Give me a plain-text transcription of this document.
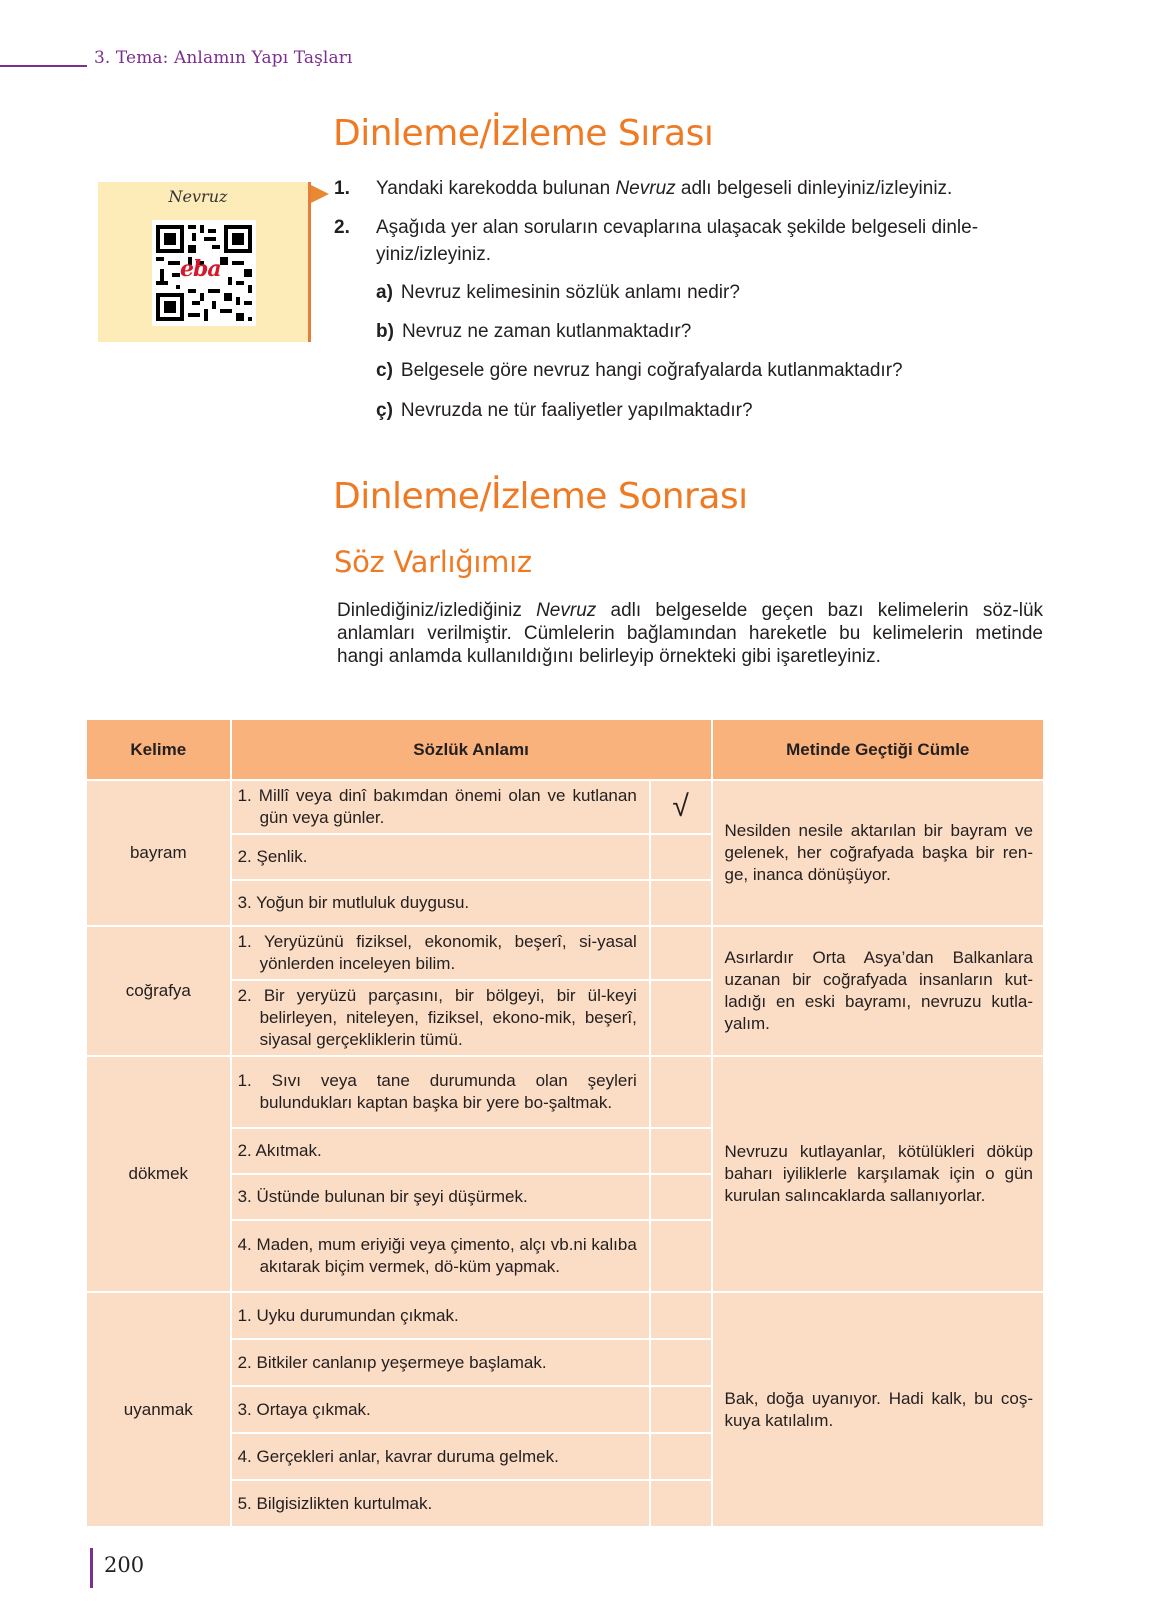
3. Tema: Anlamın Yapı Taşları
Nevruz
eba
Dinleme/İzleme Sırası
1. Yandaki karekodda bulunan Nevruz adlı belgeseli dinleyiniz/izleyiniz.
2. Aşağıda yer alan soruların cevaplarına ulaşacak şekilde belgeseli dinle-yiniz/izleyiniz.
a) Nevruz kelimesinin sözlük anlamı nedir?
b) Nevruz ne zaman kutlanmaktadır?
c) Belgesele göre nevruz hangi coğrafyalarda kutlanmaktadır?
ç) Nevruzda ne tür faaliyetler yapılmaktadır?
Dinleme/İzleme Sonrası
Söz Varlığımız
Dinlediğiniz/izlediğiniz Nevruz adlı belgeselde geçen bazı kelimelerin söz-lük anlamları verilmiştir. Cümlelerin bağlamından hareketle bu kelimelerin metinde hangi anlamda kullanıldığını belirleyip örnekteki gibi işaretleyiniz.
Kelime	Sözlük Anlamı		Metinde Geçtiği Cümle
bayram	1. Millî veya dinî bakımdan önemi olan ve kutlanan gün veya günler.	√	Nesilden nesile aktarılan bir bayram ve gelenek, her coğrafyada başka bir ren-ge, inanca dönüşüyor.

	2. Şenlik.		

	3. Yoğun bir mutluluk duygusu.		

coğrafya	1. Yeryüzünü fiziksel, ekonomik, beşerî, si-yasal yönlerden inceleyen bilim.		Asırlardır Orta Asya’dan Balkanlara uzanan bir coğrafyada insanların kut-ladığı en eski bayramı, nevruzu kutla-yalım.

	2. Bir yeryüzü parçasını, bir bölgeyi, bir ül-keyi belirleyen, niteleyen, fiziksel, ekono-mik, beşerî, siyasal gerçekliklerin tümü.		

dökmek	1. Sıvı veya tane durumunda olan şeyleri bulundukları kaptan başka bir yere bo-şaltmak.		Nevruzu kutlayanlar, kötülükleri döküp baharı iyiliklerle karşılamak için o gün kurulan salıncaklarda sallanıyorlar.

	2. Akıtmak.		

	3. Üstünde bulunan bir şeyi düşürmek.		

	4. Maden, mum eriyiği veya çimento, alçı vb.ni kalıba akıtarak biçim vermek, dö-küm yapmak.		

uyanmak	1. Uyku durumundan çıkmak.		Bak, doğa uyanıyor. Hadi kalk, bu coş-kuya katılalım.

	2. Bitkiler canlanıp yeşermeye başlamak.		

	3. Ortaya çıkmak.		

	4. Gerçekleri anlar, kavrar duruma gelmek.		

	5. Bilgisizlikten kurtulmak.		

200
